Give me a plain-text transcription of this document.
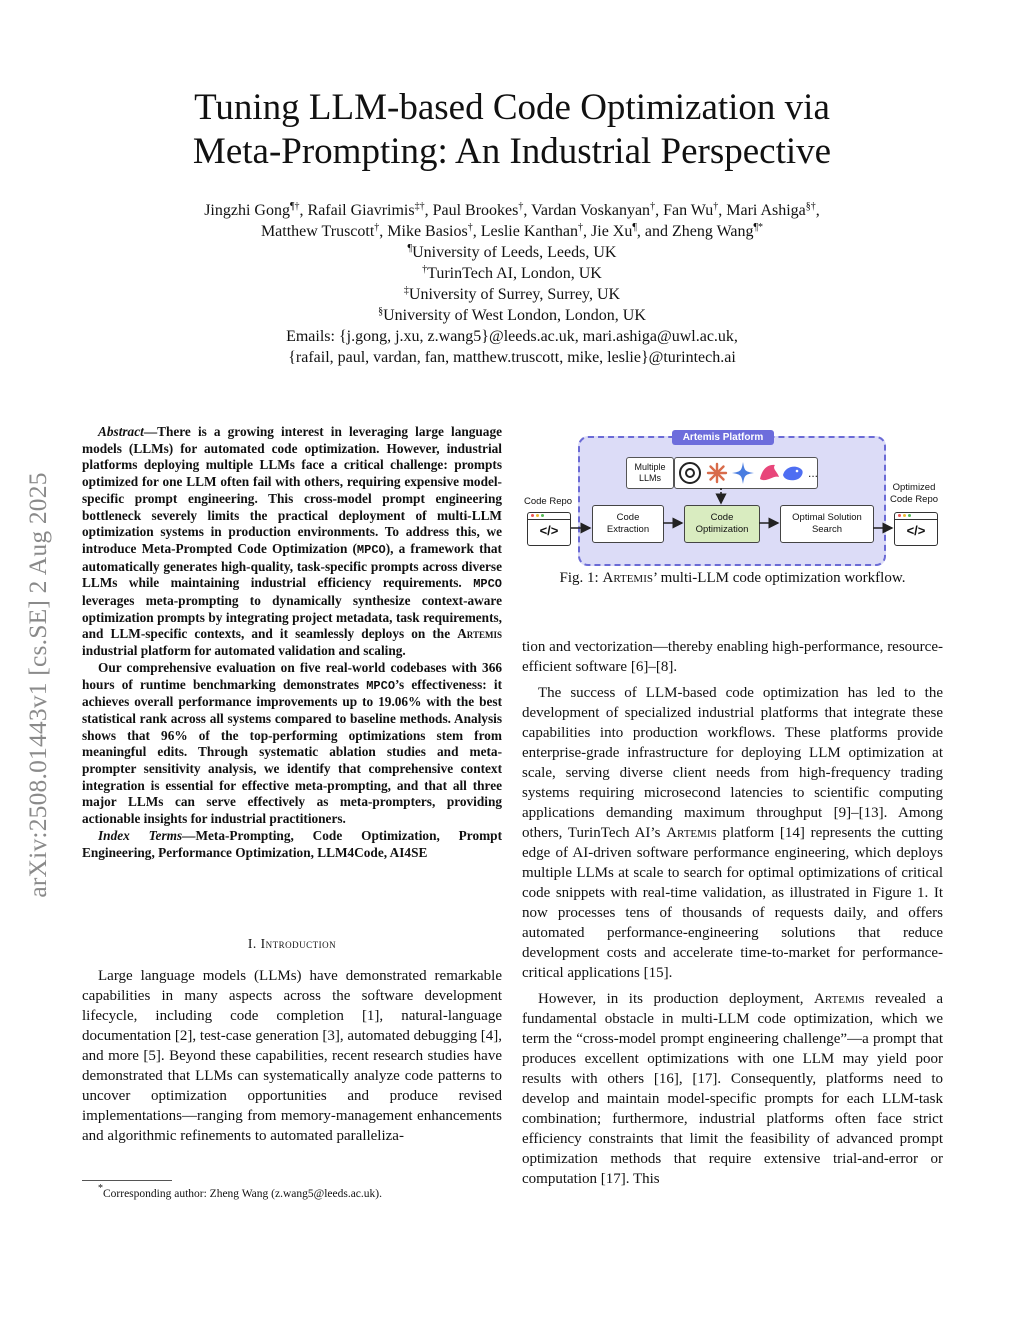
Tuning LLM-based Code Optimization via
Meta-Prompting: An Industrial Perspective
Jingzhi Gong¶†, Rafail Giavrimis‡†, Paul Brookes†, Vardan Voskanyan†, Fan Wu†, Mari Ashiga§†,
Matthew Truscott†, Mike Basios†, Leslie Kanthan†, Jie Xu¶, and Zheng Wang¶*
¶University of Leeds, Leeds, UK
†TurinTech AI, London, UK
‡University of Surrey, Surrey, UK
§University of West London, London, UK
Emails: {j.gong, j.xu, z.wang5}@leeds.ac.uk, mari.ashiga@uwl.ac.uk,
{rafail, paul, vardan, fan, matthew.truscott, mike, leslie}@turintech.ai
arXiv:2508.01443v1 [cs.SE] 2 Aug 2025

Abstract—There is a growing interest in leveraging large language models (LLMs) for automated code optimization. However, industrial platforms deploying multiple LLMs face a critical challenge: prompts optimized for one LLM often fail with others, requiring expensive model-specific prompt engineering. This cross-model prompt engineering bottleneck severely limits the practical deployment of multi-LLM optimization systems in production environments. To address this, we introduce Meta-Prompted Code Optimization (MPCO), a framework that automatically generates high-quality, task-specific prompts across diverse LLMs while maintaining industrial efficiency requirements. MPCO leverages meta-prompting to dynamically synthesize context-aware optimization prompts by integrating project metadata, task requirements, and LLM-specific contexts, and it seamlessly deploys on the Artemis industrial platform for automated validation and scaling.

Our comprehensive evaluation on five real-world codebases with 366 hours of runtime benchmarking demonstrates MPCO’s effectiveness: it achieves overall performance improvements up to 19.06% with the best statistical rank across all systems compared to baseline methods. Analysis shows that 96% of the top-performing optimizations stem from meaningful edits. Through systematic ablation studies and meta-prompter sensitivity analysis, we identify that comprehensive context integration is essential for effective meta-prompting, and that all three major LLMs can serve effectively as meta-prompters, providing actionable insights for industrial practitioners.

Index Terms—Meta-Prompting, Code Optimization, Prompt Engineering, Performance Optimization, LLM4Code, AI4SE

I. Introduction

Large language models (LLMs) have demonstrated remarkable capabilities in many aspects across the software development lifecycle, including code completion [1], natural-language documentation [2], test-case generation [3], automated debugging [4], and more [5]. Beyond these capabilities, recent research studies have demonstrated that LLMs can systematically analyze code patterns to uncover optimization opportunities and produce revised implementations—ranging from memory-management enhancements and algorithmic refinements to automated paralleliza-

*Corresponding author: Zheng Wang (z.wang5@leeds.ac.uk).
Artemis Platform
Multiple LLMs	...
Code Repo
Optimized
Code Repo
</>	</>
Code Extraction
Code Optimization
Optimal Solution Search
Fig. 1: Artemis’ multi-LLM code optimization workflow.

tion and vectorization—thereby enabling high-performance, resource-efficient software [6]–[8].

The success of LLM-based code optimization has led to the development of specialized industrial platforms that integrate these capabilities into production workflows. These platforms provide enterprise-grade infrastructure for deploying LLM optimization at scale, serving diverse client needs from high-frequency trading systems requiring microsecond latencies to scientific computing applications demanding maximum throughput [9]–[13]. Among others, TurinTech AI’s Artemis platform [14] represents the cutting edge of AI-driven software performance engineering, which deploys multiple LLMs at scale to search for optimal optimizations of critical code snippets with real-time validation, as illustrated in Figure 1. It now processes tens of thousands of requests daily, and offers automated performance-engineering solutions that reduce development costs and accelerate time-to-market for performance-critical applications [15].

However, in its production deployment, Artemis revealed a fundamental obstacle in multi-LLM code optimization, which we term the “cross-model prompt engineering challenge”—a prompt that produces excellent optimizations with one LLM may yield poor results with others [16], [17]. Consequently, platforms need to develop and maintain model-specific prompts for each LLM-task combination; furthermore, industrial platforms often face strict efficiency constraints that limit the feasibility of advanced prompt optimization methods that require extensive trial-and-error or computation [17]. This
